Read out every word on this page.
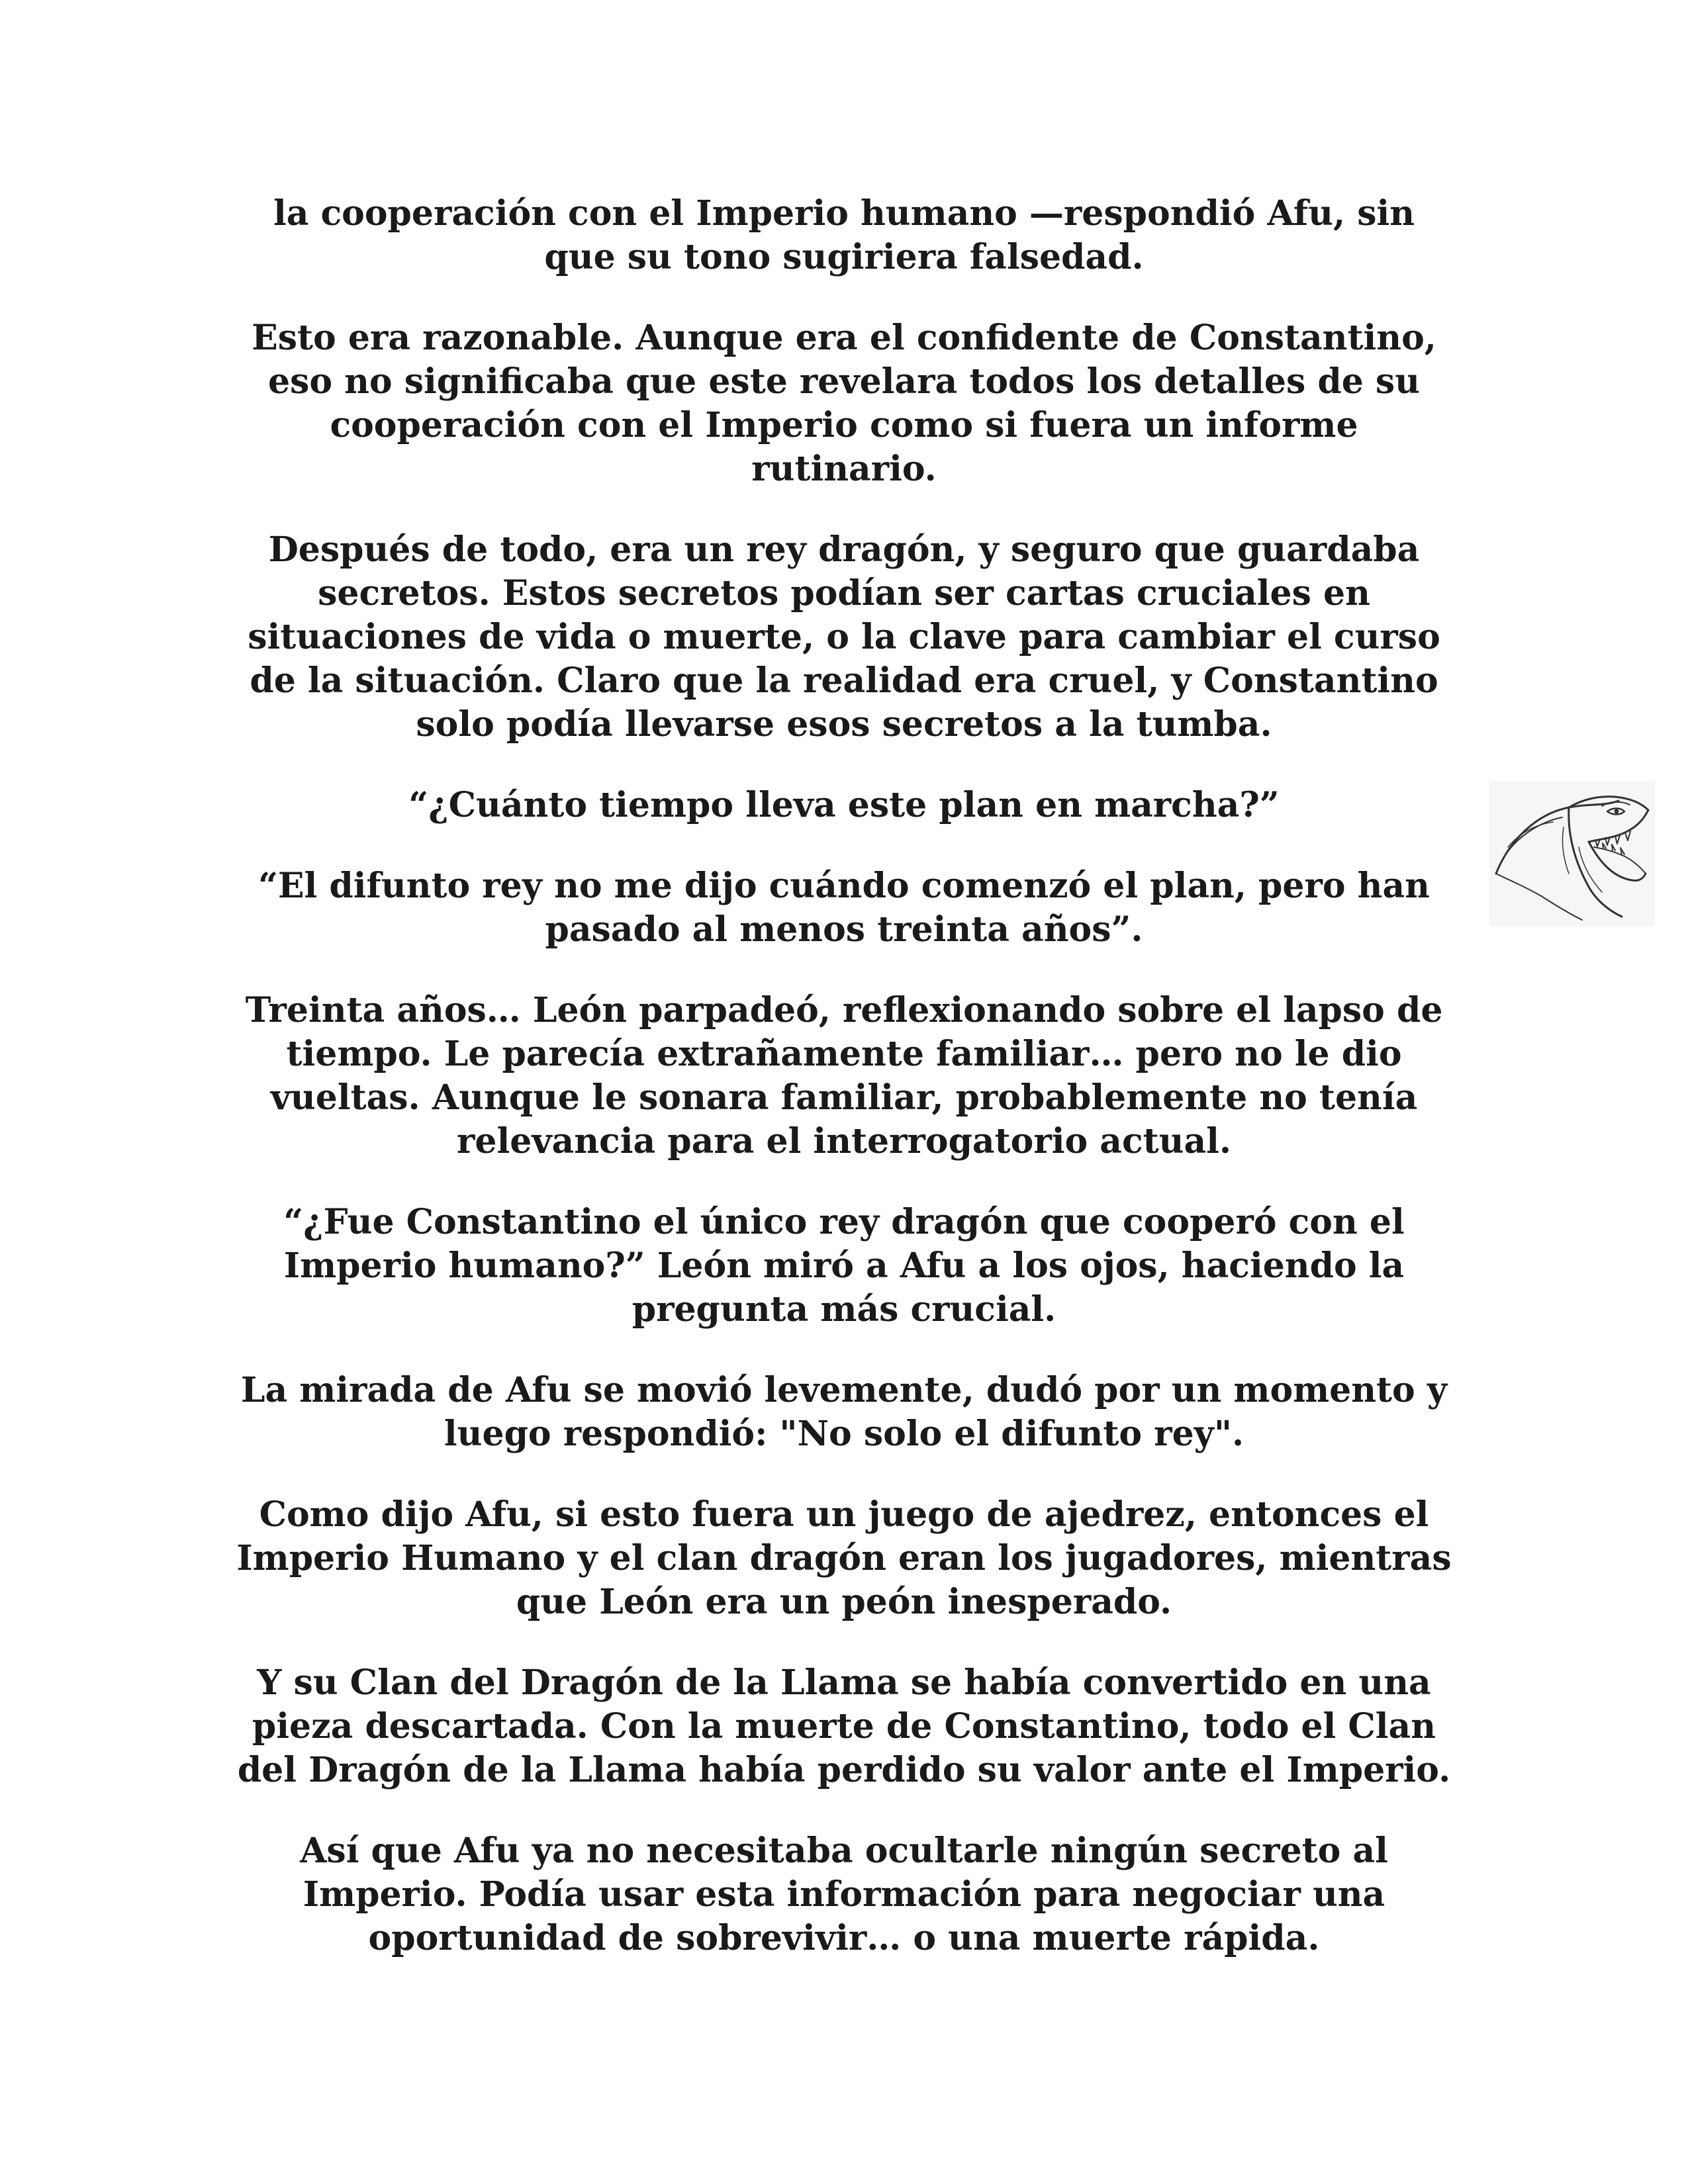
la cooperación con el Imperio humano —respondió Afu, sin
que su tono sugiriera falsedad.

Esto era razonable. Aunque era el confidente de Constantino,
eso no significaba que este revelara todos los detalles de su
cooperación con el Imperio como si fuera un informe
rutinario.

Después de todo, era un rey dragón, y seguro que guardaba
secretos. Estos secretos podían ser cartas cruciales en
situaciones de vida o muerte, o la clave para cambiar el curso
de la situación. Claro que la realidad era cruel, y Constantino
solo podía llevarse esos secretos a la tumba.

“¿Cuánto tiempo lleva este plan en marcha?”

“El difunto rey no me dijo cuándo comenzó el plan, pero han
pasado al menos treinta años”.

Treinta años… León parpadeó, reflexionando sobre el lapso de
tiempo. Le parecía extrañamente familiar… pero no le dio
vueltas. Aunque le sonara familiar, probablemente no tenía
relevancia para el interrogatorio actual.

“¿Fue Constantino el único rey dragón que cooperó con el
Imperio humano?” León miró a Afu a los ojos, haciendo la
pregunta más crucial.

La mirada de Afu se movió levemente, dudó por un momento y
luego respondió: "No solo el difunto rey".

Como dijo Afu, si esto fuera un juego de ajedrez, entonces el
Imperio Humano y el clan dragón eran los jugadores, mientras
que León era un peón inesperado.

Y su Clan del Dragón de la Llama se había convertido en una
pieza descartada. Con la muerte de Constantino, todo el Clan
del Dragón de la Llama había perdido su valor ante el Imperio.

Así que Afu ya no necesitaba ocultarle ningún secreto al
Imperio. Podía usar esta información para negociar una
oportunidad de sobrevivir… o una muerte rápida.
